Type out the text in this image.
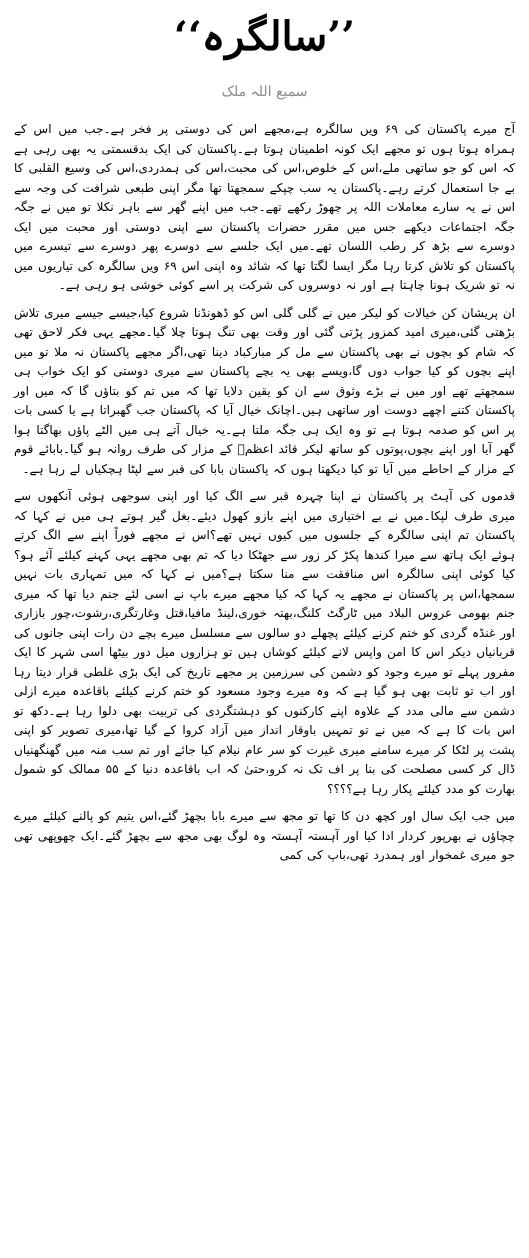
’’سالگرہ‘‘
سمیع اللہ ملک

آج میرے پاکستان کی ۶۹ ویں سالگرہ ہے،مجھے اس کی دوستی پر فخر ہے۔جب میں اس کے ہمراہ ہوتا ہوں تو مجھے ایک کونہ اطمینان ہوتا ہے۔پاکستان کی ایک بدقسمتی یہ بھی رہی ہے کہ اس کو جو ساتھی ملے،اس کے خلوص،اس کی محبت،اس کی ہمدردی،اس کی وسیع القلبی کا بے جا استعمال کرتے رہے۔پاکستان یہ سب چپکے سمجھتا تھا مگر اپنی طبعی شرافت کی وجہ سے اس نے یہ سارے معاملات اللہ پر چھوڑ رکھے تھے۔جب میں اپنے گھر سے باہر نکلا تو میں نے جگہ جگہ اجتماعات دیکھے جس میں مقرر حضرات پاکستان سے اپنی دوستی اور محبت میں ایک دوسرے سے بڑھ کر رطب اللسان تھے۔میں ایک جلسے سے دوسرے پھر دوسرے سے تیسرے میں پاکستان کو تلاش کرتا رہا مگر ایسا لگتا تھا کہ شائد وہ اپنی اس ۶۹ ویں سالگرہ کی تیاریوں میں نہ تو شریک ہونا چاہتا ہے اور نہ دوسروں کی شرکت پر اسے کوئی خوشی ہو رہی ہے۔

ان پریشان کن خیالات کو لیکر میں نے گلی گلی اس کو ڈھونڈنا شروع کیا،جیسے جیسے میری تلاش بڑھتی گئی،میری امید کمزور پڑتی گئی اور وقت بھی تنگ ہوتا چلا گیا۔مجھے یہی فکر لاحق تھی کہ شام کو بچوں نے بھی پاکستان سے مل کر مبارکباد دینا تھی،اگر مجھے پاکستان نہ ملا تو میں اپنے بچوں کو کیا جواب دوں گا،ویسے بھی یہ بچے پاکستان سے میری دوستی کو ایک خواب ہی سمجھتے تھے اور میں نے بڑے وثوق سے ان کو یقین دلایا تھا کہ میں تم کو بتاؤں گا کہ میں اور پاکستان کتنے اچھے دوست اور ساتھی ہیں۔اچانک خیال آیا کہ پاکستان جب گھبراتا ہے یا کسی بات پر اس کو صدمہ ہوتا ہے تو وہ ایک ہی جگہ ملتا ہے۔یہ خیال آتے ہی میں الٹے پاؤں بھاگتا ہوا گھر آیا اور اپنے بچوں،پوتوں کو ساتھ لیکر قائد اعظمؒ کے مزار کی طرف روانہ ہو گیا۔بابائے قوم کے مزار کے احاطے میں آیا تو کیا دیکھتا ہوں کہ پاکستان بابا کی قبر سے لپٹا ہچکیاں لے رہا ہے۔

قدموں کی آہٹ پر پاکستان نے اپنا چہرہ قبر سے الگ کیا اور اپنی سوجھی ہوئی آنکھوں سے میری طرف لپکا۔میں نے بے اختیاری میں اپنے بازو کھول دیئے۔بغل گیر ہوتے ہی میں نے کہا کہ پاکستان تم اپنی سالگرہ کے جلسوں میں کیوں نہیں تھے؟اس نے مجھے فوراً اپنے سے الگ کرتے ہوئے ایک ہاتھ سے میرا کندھا پکڑ کر زور سے جھٹکا دیا کہ تم بھی مجھے یہی کہنے کیلئے آئے ہو؟کیا کوئی اپنی سالگرہ اس منافقت سے منا سکتا ہے؟میں نے کہا کہ میں تمہاری بات نہیں سمجھا،اس پر پاکستان نے مجھے یہ کہا کہ کیا مجھے میرے باپ نے اسی لئے جنم دیا تھا کہ میری جنم بھومی عروس البلاد میں ٹارگٹ کلنگ،بھتہ خوری،لینڈ مافیا،قتل وغارتگری،رشوت،چور بازاری اور غنڈہ گردی کو ختم کرنے کیلئے پچھلے دو سالوں سے مسلسل میرے بچے دن رات اپنی جانوں کی قربانیاں دیکر اس کا امن واپس لانے کیلئے کوشاں ہیں تو ہزاروں میل دور بیٹھا اسی شہر کا ایک مفرور پہلے تو میرے وجود کو دشمن کی سرزمین پر مجھے تاریخ کی ایک بڑی غلطی قرار دیتا رہا اور اب تو ثابت بھی ہو گیا ہے کہ وہ میرے وجود مسعود کو ختم کرنے کیلئے باقاعدہ میرے ازلی دشمن سے مالی مدد کے علاوہ اپنے کارکنوں کو دہشتگردی کی تربیت بھی دلوا رہا ہے۔دکھ تو اس بات کا ہے کہ میں نے تو تمہیں باوقار انداز میں آزاد کروا کے گیا تھا،میری تصویر کو اپنی پشت پر لٹکا کر میرے سامنے میری غیرت کو سر عام نیلام کیا جائے اور تم سب منہ میں گھنگھنیاں ڈال کر کسی مصلحت کی بنا پر اف تک نہ کرو،حتیٰ کہ اب باقاعدہ دنیا کے ۵۵ ممالک کو شمول بھارت کو مدد کیلئے پکار رہا ہے؟؟؟؟

میں جب ایک سال اور کچھ دن کا تھا تو مجھ سے میرے بابا بچھڑ گئے،اس یتیم کو پالنے کیلئے میرے چچاؤں نے بھرپور کردار ادا کیا اور آہستہ آہستہ وہ لوگ بھی مجھ سے بچھڑ گئے۔ایک چھوپھی تھی جو میری غمخوار اور ہمدرد تھی،باپ کی کمی
